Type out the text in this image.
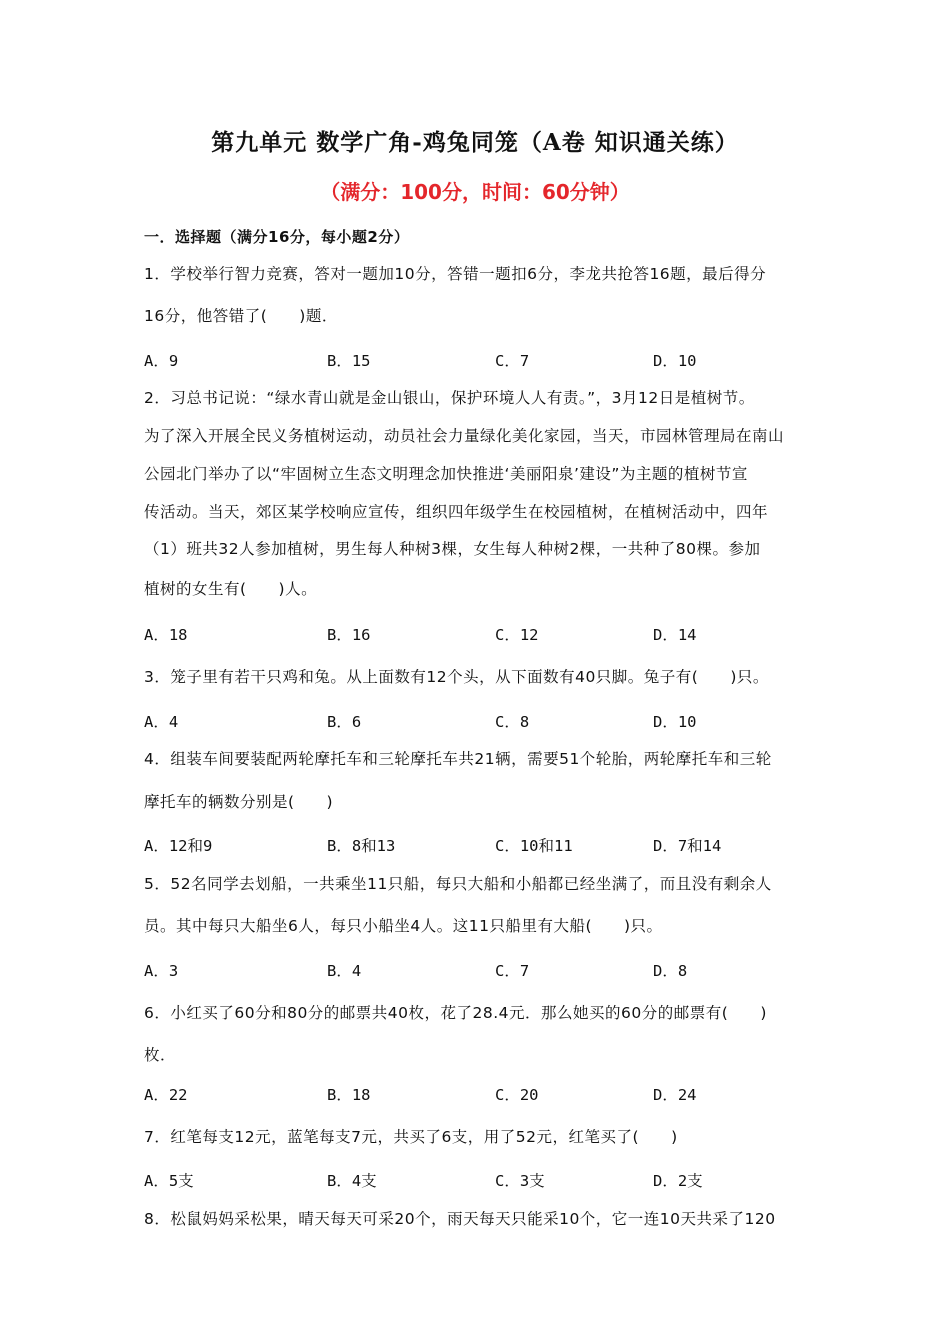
第九单元 数学广角-鸡兔同笼（A卷 知识通关练）
（满分：100分，时间：60分钟）
一．选择题（满分16分，每小题2分）
1．学校举行智力竞赛，答对一题加10分，答错一题扣6分，李龙共抢答16题，最后得分
16分，他答错了(　　)题．
A．9	B．15	C．7	D．10
2．习总书记说：“绿水青山就是金山银山，保护环境人人有责。”，3月12日是植树节。
为了深入开展全民义务植树运动，动员社会力量绿化美化家园，当天，市园林管理局在南山
公园北门举办了以“牢固树立生态文明理念加快推进‘美丽阳泉’建设”为主题的植树节宣
传活动。当天，郊区某学校响应宣传，组织四年级学生在校园植树，在植树活动中，四年
（1）班共32人参加植树，男生每人种树3棵，女生每人种树2棵，一共种了80棵。参加
植树的女生有(　　)人。
A．18	B．16	C．12	D．14
3．笼子里有若干只鸡和兔。从上面数有12个头，从下面数有40只脚。兔子有(　　)只。
A．4	B．6	C．8	D．10
4．组装车间要装配两轮摩托车和三轮摩托车共21辆，需要51个轮胎，两轮摩托车和三轮
摩托车的辆数分别是(　　)
A．12和9	B．8和13	C．10和11	D．7和14
5．52名同学去划船，一共乘坐11只船，每只大船和小船都已经坐满了，而且没有剩余人
员。其中每只大船坐6人，每只小船坐4人。这11只船里有大船(　　)只。
A．3	B．4	C．7	D．8
6．小红买了60分和80分的邮票共40枚，花了28.4元．那么她买的60分的邮票有(　　)
枚．
A．22	B．18	C．20	D．24
7．红笔每支12元，蓝笔每支7元，共买了6支，用了52元，红笔买了(　　)
A．5支	B．4支	C．3支	D．2支
8．松鼠妈妈采松果，晴天每天可采20个，雨天每天只能采10个，它一连10天共采了120
